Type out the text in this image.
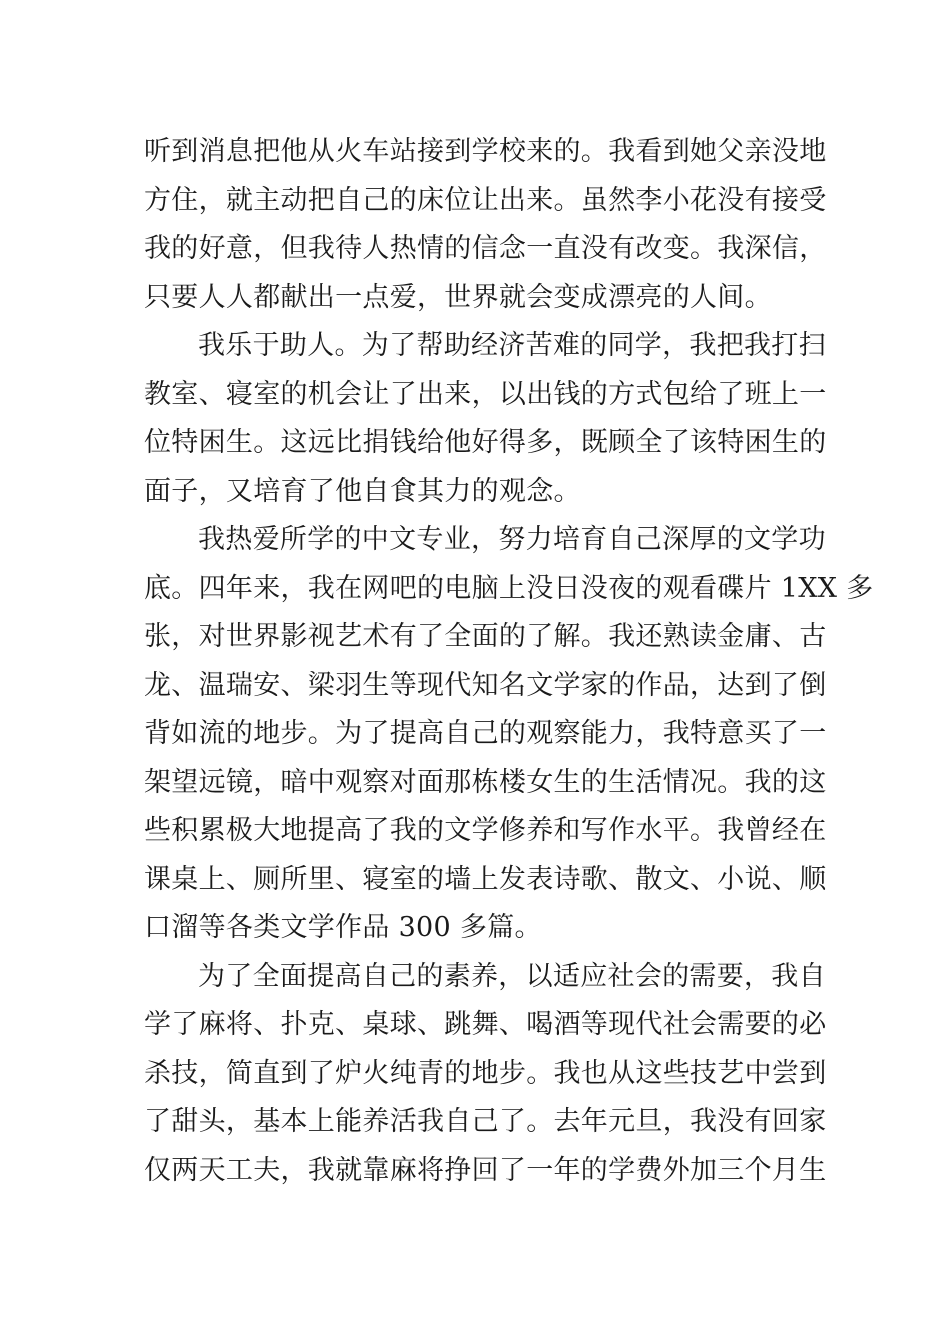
听到消息把他从火车站接到学校来的。我看到她父亲没地
方住，就主动把自己的床位让出来。虽然李小花没有接受
我的好意，但我待人热情的信念一直没有改变。我深信，
只要人人都献出一点爱，世界就会变成漂亮的人间。
我乐于助人。为了帮助经济苦难的同学，我把我打扫
教室、寝室的机会让了出来，以出钱的方式包给了班上一
位特困生。这远比捐钱给他好得多，既顾全了该特困生的
面子，又培育了他自食其力的观念。
我热爱所学的中文专业，努力培育自己深厚的文学功
底。四年来，我在网吧的电脑上没日没夜的观看碟片 1XX 多
张，对世界影视艺术有了全面的了解。我还熟读金庸、古
龙、温瑞安、梁羽生等现代知名文学家的作品，达到了倒
背如流的地步。为了提高自己的观察能力，我特意买了一
架望远镜，暗中观察对面那栋楼女生的生活情况。我的这
些积累极大地提高了我的文学修养和写作水平。我曾经在
课桌上、厕所里、寝室的墙上发表诗歌、散文、小说、顺
口溜等各类文学作品 300 多篇。
为了全面提高自己的素养，以适应社会的需要，我自
学了麻将、扑克、桌球、跳舞、喝酒等现代社会需要的必
杀技，简直到了炉火纯青的地步。我也从这些技艺中尝到
了甜头，基本上能养活我自己了。去年元旦，我没有回家
仅两天工夫，我就靠麻将挣回了一年的学费外加三个月生
